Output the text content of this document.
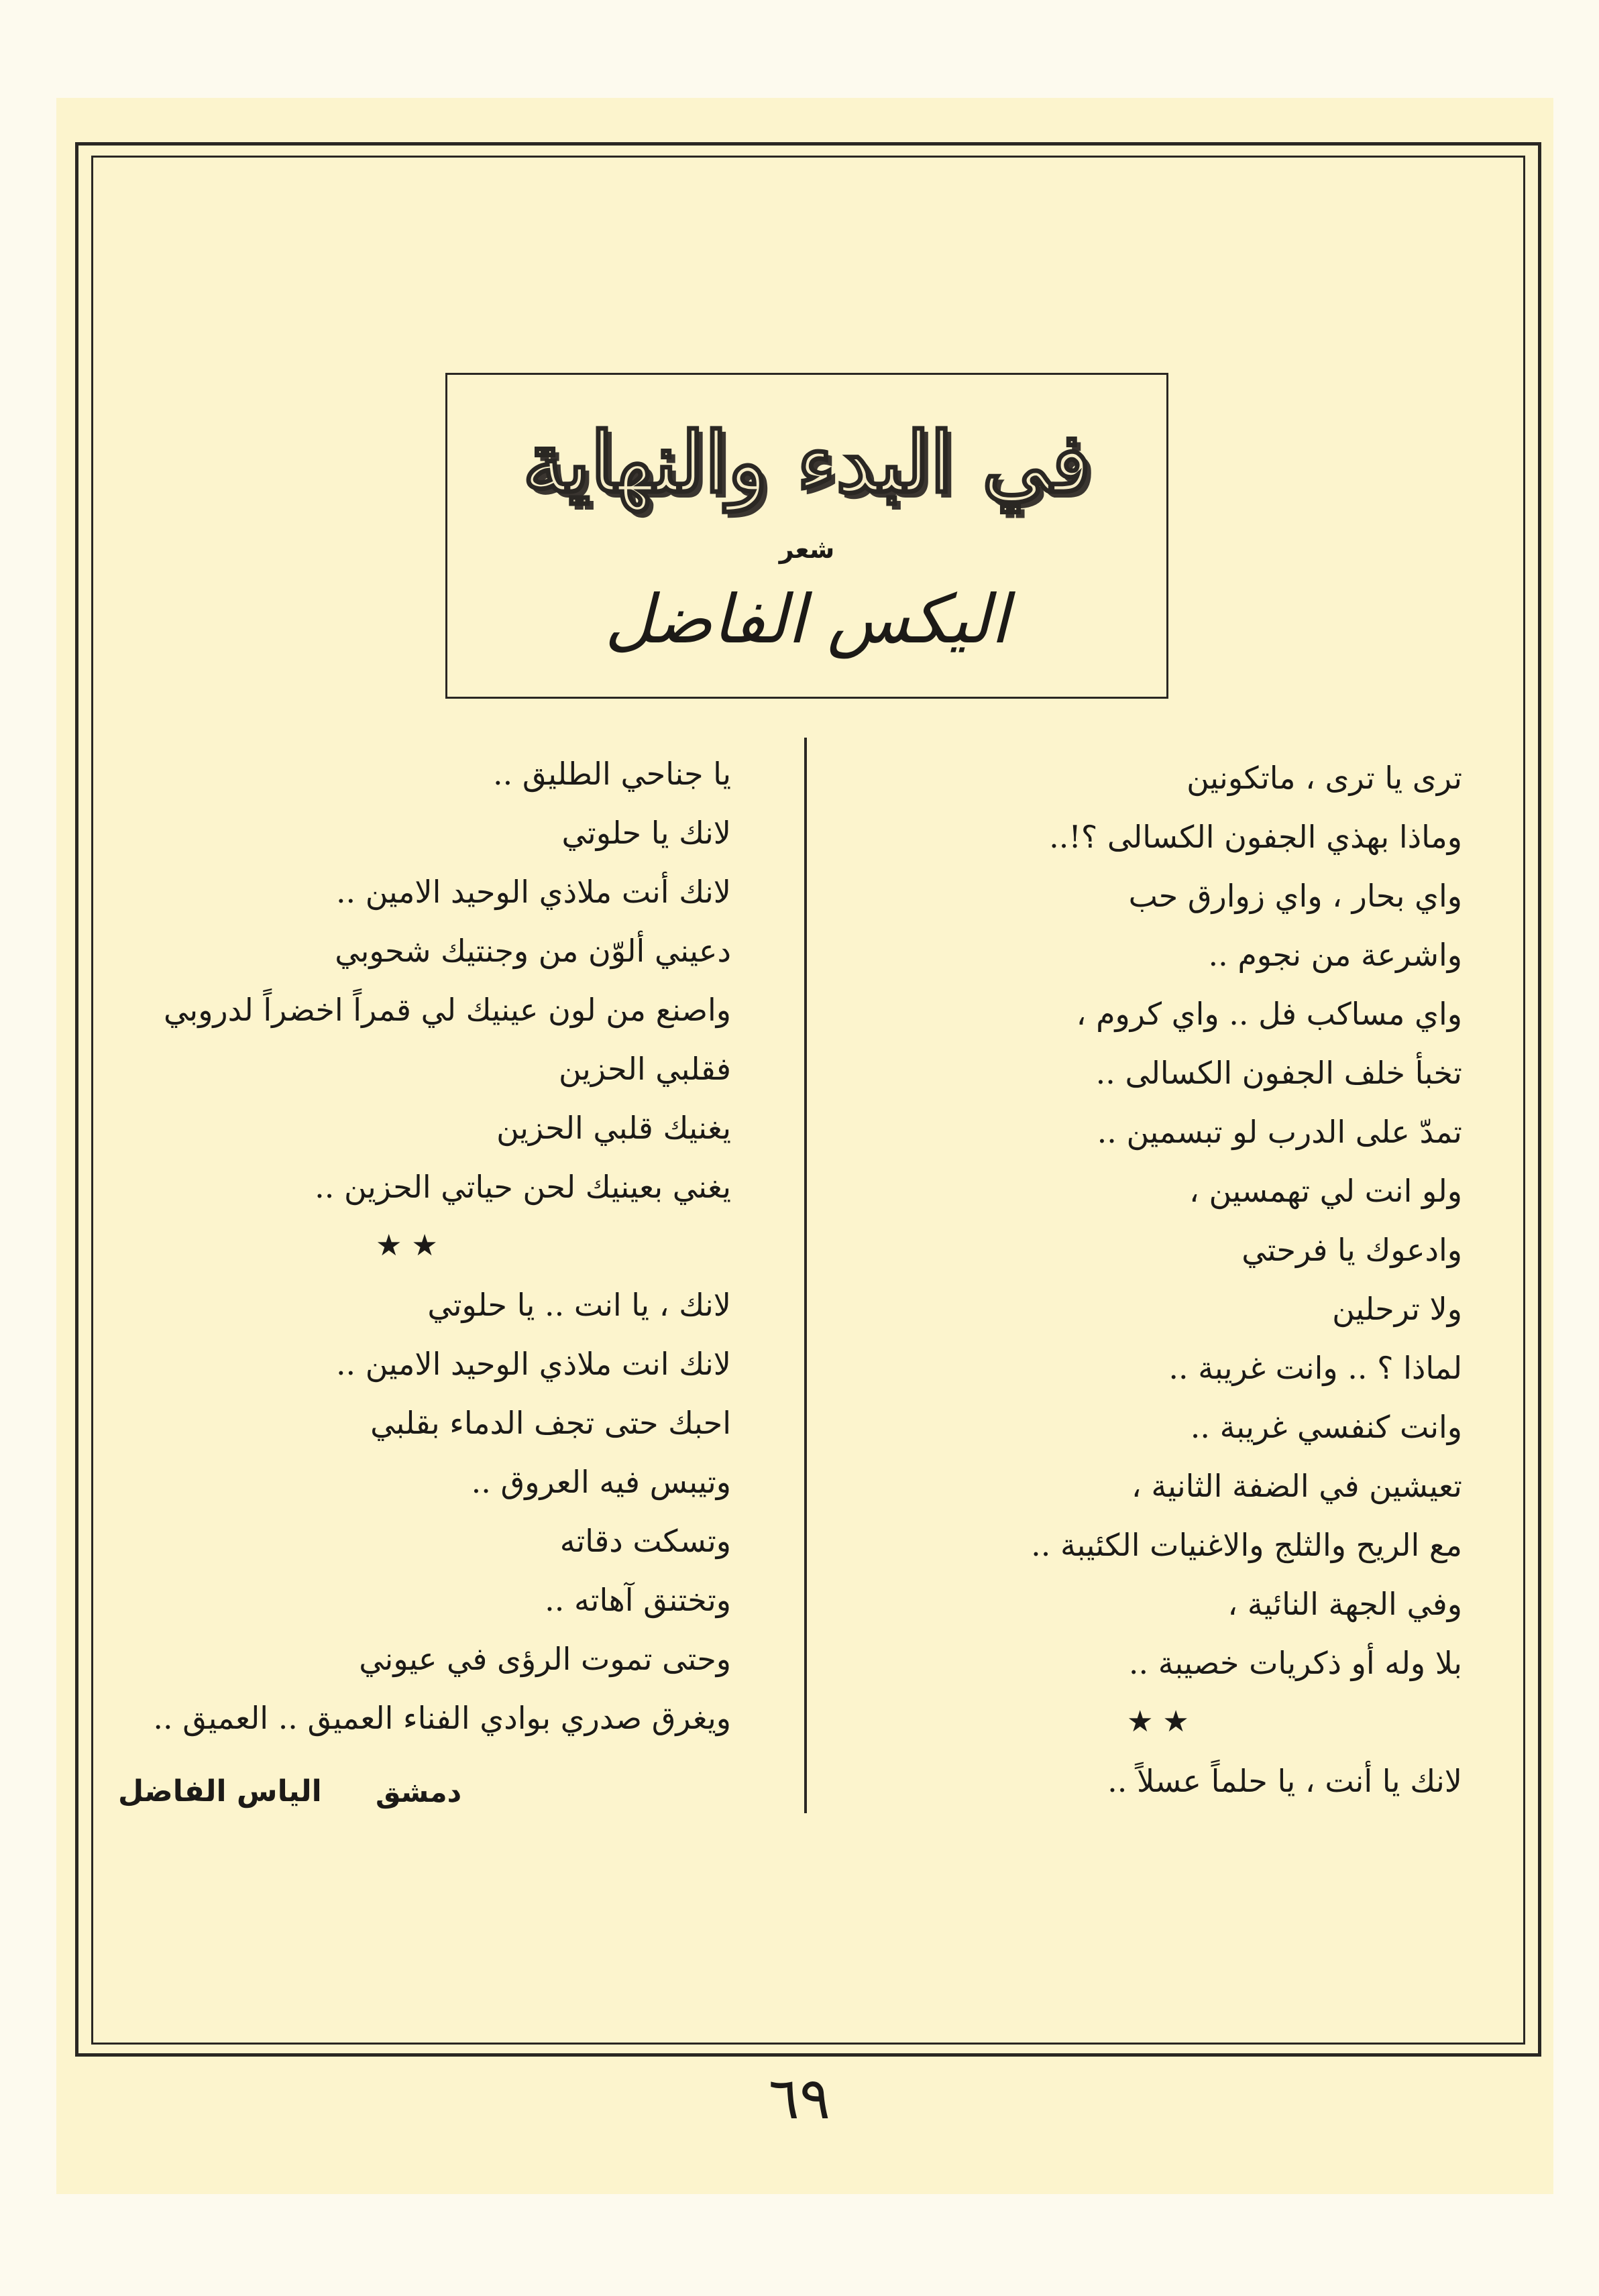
في البدء والنهاية
شعر
اليكس الفاضل
ترى يا ترى ، ماتكونين
وماذا بهذي الجفون الكسالى ؟!..
واي بحار ، واي زوارق حب
واشرعة من نجوم ..
واي مساكب فل .. واي كروم ،
تخبأ خلف الجفون الكسالى ..
تمدّ على الدرب لو تبسمين ..
ولو انت لي تهمسين ،
وادعوك يا فرحتي
ولا ترحلين
لماذا ؟ .. وانت غريبة ..
وانت كنفسي غريبة ..
تعيشين في الضفة الثانية ،
مع الريح والثلج والاغنيات الكئيبة ..
وفي الجهة النائية ،
بلا وله أو ذكريات خصيبة ..
★ ★
لانك يا أنت ، يا حلماً عسلاً ..
يا جناحي الطليق ..
لانك يا حلوتي
لانك أنت ملاذي الوحيد الامين ..
دعيني ألوّن من وجنتيك شحوبي
واصنع من لون عينيك لي قمراً اخضراً لدروبي
فقلبي الحزين
يغنيك قلبي الحزين
يغني بعينيك لحن حياتي الحزين ..
★ ★
لانك ، يا انت .. يا حلوتي
لانك انت ملاذي الوحيد الامين ..
احبك حتى تجف الدماء بقلبي
وتيبس فيه العروق ..
وتسكت دقاته
وتختنق آهاته ..
وحتى تموت الرؤى في عيوني
ويغرق صدري بوادي الفناء العميق .. العميق ..
دمشق
الياس الفاضل
٦٩
